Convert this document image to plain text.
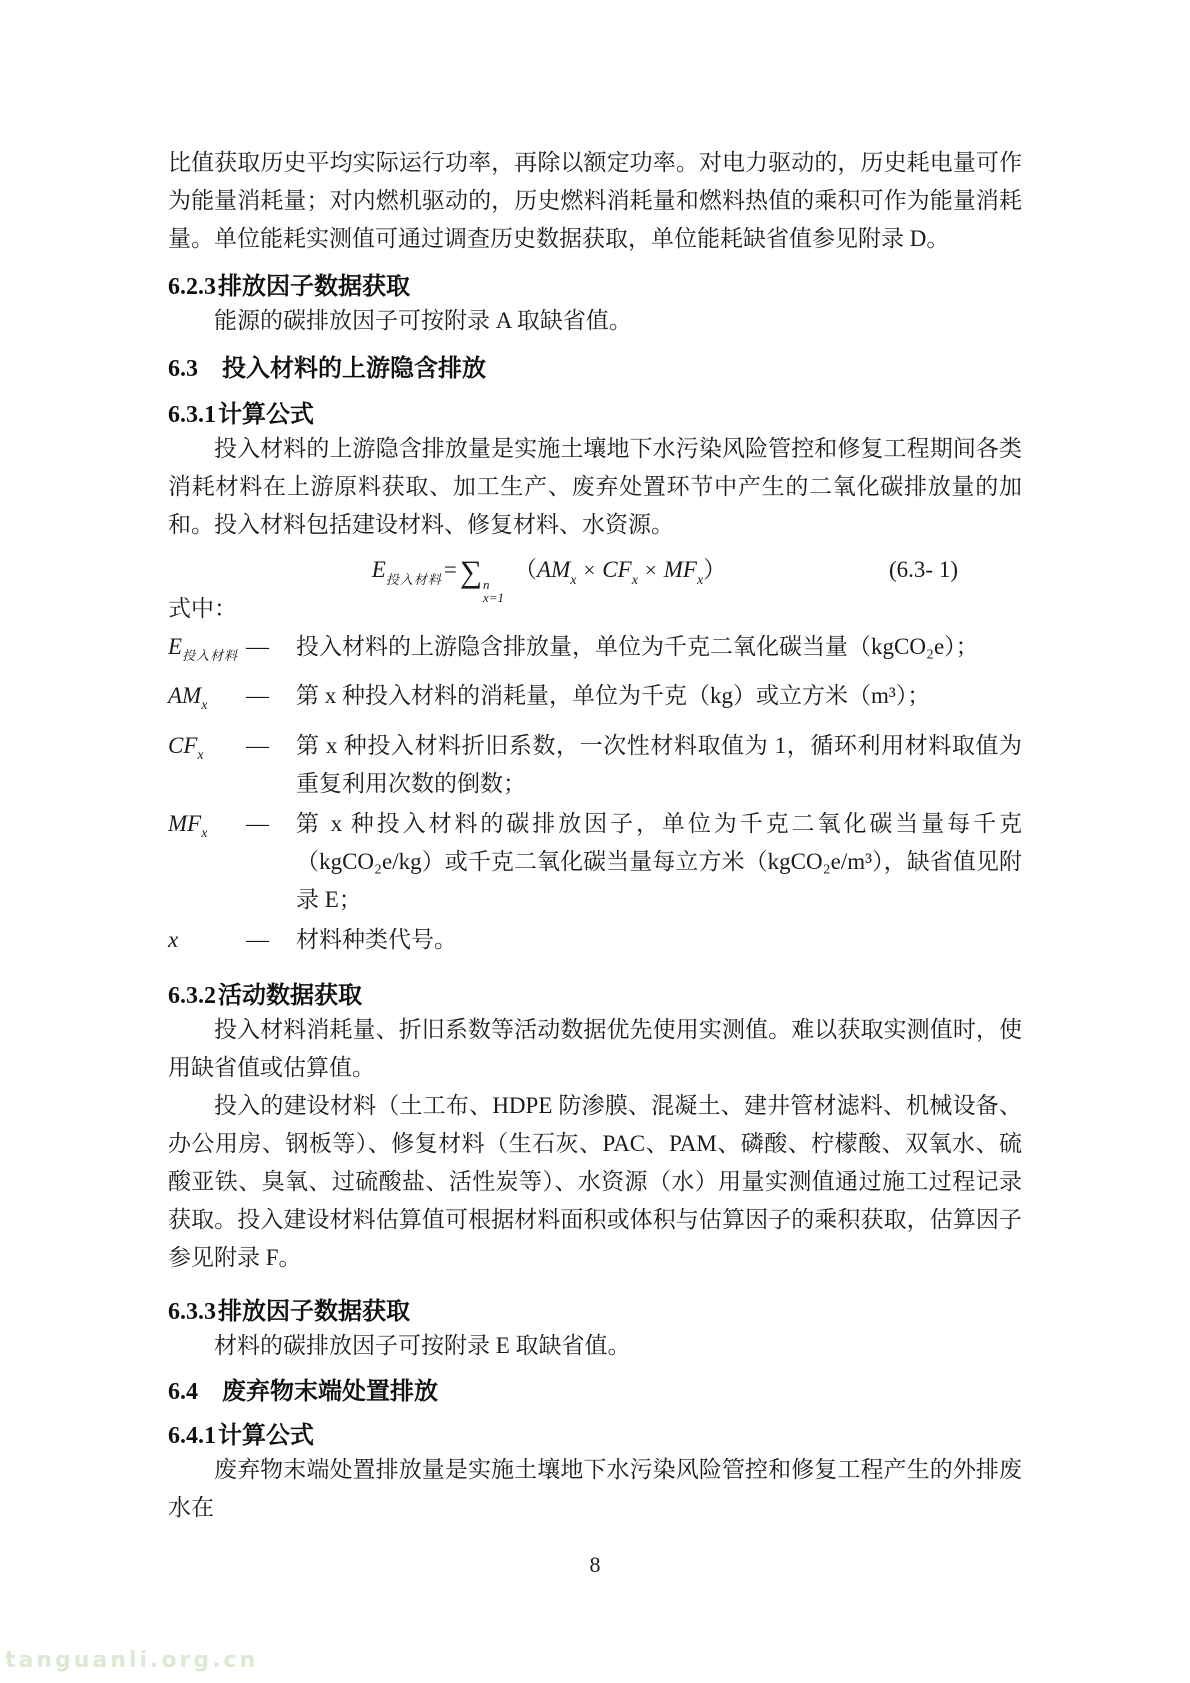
比值获取历史平均实际运行功率，再除以额定功率。对电力驱动的，历史耗电量可作为能量消耗量；对内燃机驱动的，历史燃料消耗量和燃料热值的乘积可作为能量消耗量。单位能耗实测值可通过调查历史数据获取，单位能耗缺省值参见附录 D。

6.2.3排放因子数据获取

能源的碳排放因子可按附录 A 取缺省值。

6.3 投入材料的上游隐含排放
6.3.1计算公式

投入材料的上游隐含排放量是实施土壤地下水污染风险管控和修复工程期间各类消耗材料在上游原料获取、加工生产、废弃处置环节中产生的二氧化碳排放量的加和。投入材料包括建设材料、修复材料、水资源。

$E_{投入材料}=\sum$ n
x=1
（AMx × CFx × MFx）	(6.3- 1)

式中：

$E_{投入材料}$ —	投入材料的上游隐含排放量，单位为千克二氧化碳当量（kgCO₂e）；
$AM_x$	—	第 x 种投入材料的消耗量，单位为千克（kg）或立方米（m³）；
$CF_x$	—	第 x 种投入材料折旧系数，一次性材料取值为 1，循环利用材料取值为重复利用次数的倒数；
$MF_x$	—	第 x 种投入材料的碳排放因子，单位为千克二氧化碳当量每千克（kgCO₂e/kg）或千克二氧化碳当量每立方米（kgCO₂e/m³），缺省值见附录 E；
x	—	材料种类代号。
6.3.2活动数据获取

投入材料消耗量、折旧系数等活动数据优先使用实测值。难以获取实测值时，使用缺省值或估算值。

投入的建设材料（土工布、HDPE 防渗膜、混凝土、建井管材滤料、机械设备、办公用房、钢板等）、修复材料（生石灰、PAC、PAM、磷酸、柠檬酸、双氧水、硫酸亚铁、臭氧、过硫酸盐、活性炭等）、水资源（水）用量实测值通过施工过程记录获取。投入建设材料估算值可根据材料面积或体积与估算因子的乘积获取，估算因子参见附录 F。

6.3.3排放因子数据获取

材料的碳排放因子可按附录 E 取缺省值。

6.4 废弃物末端处置排放
6.4.1计算公式

废弃物末端处置排放量是实施土壤地下水污染风险管控和修复工程产生的外排废水在

8
tanguanli.org.cn
